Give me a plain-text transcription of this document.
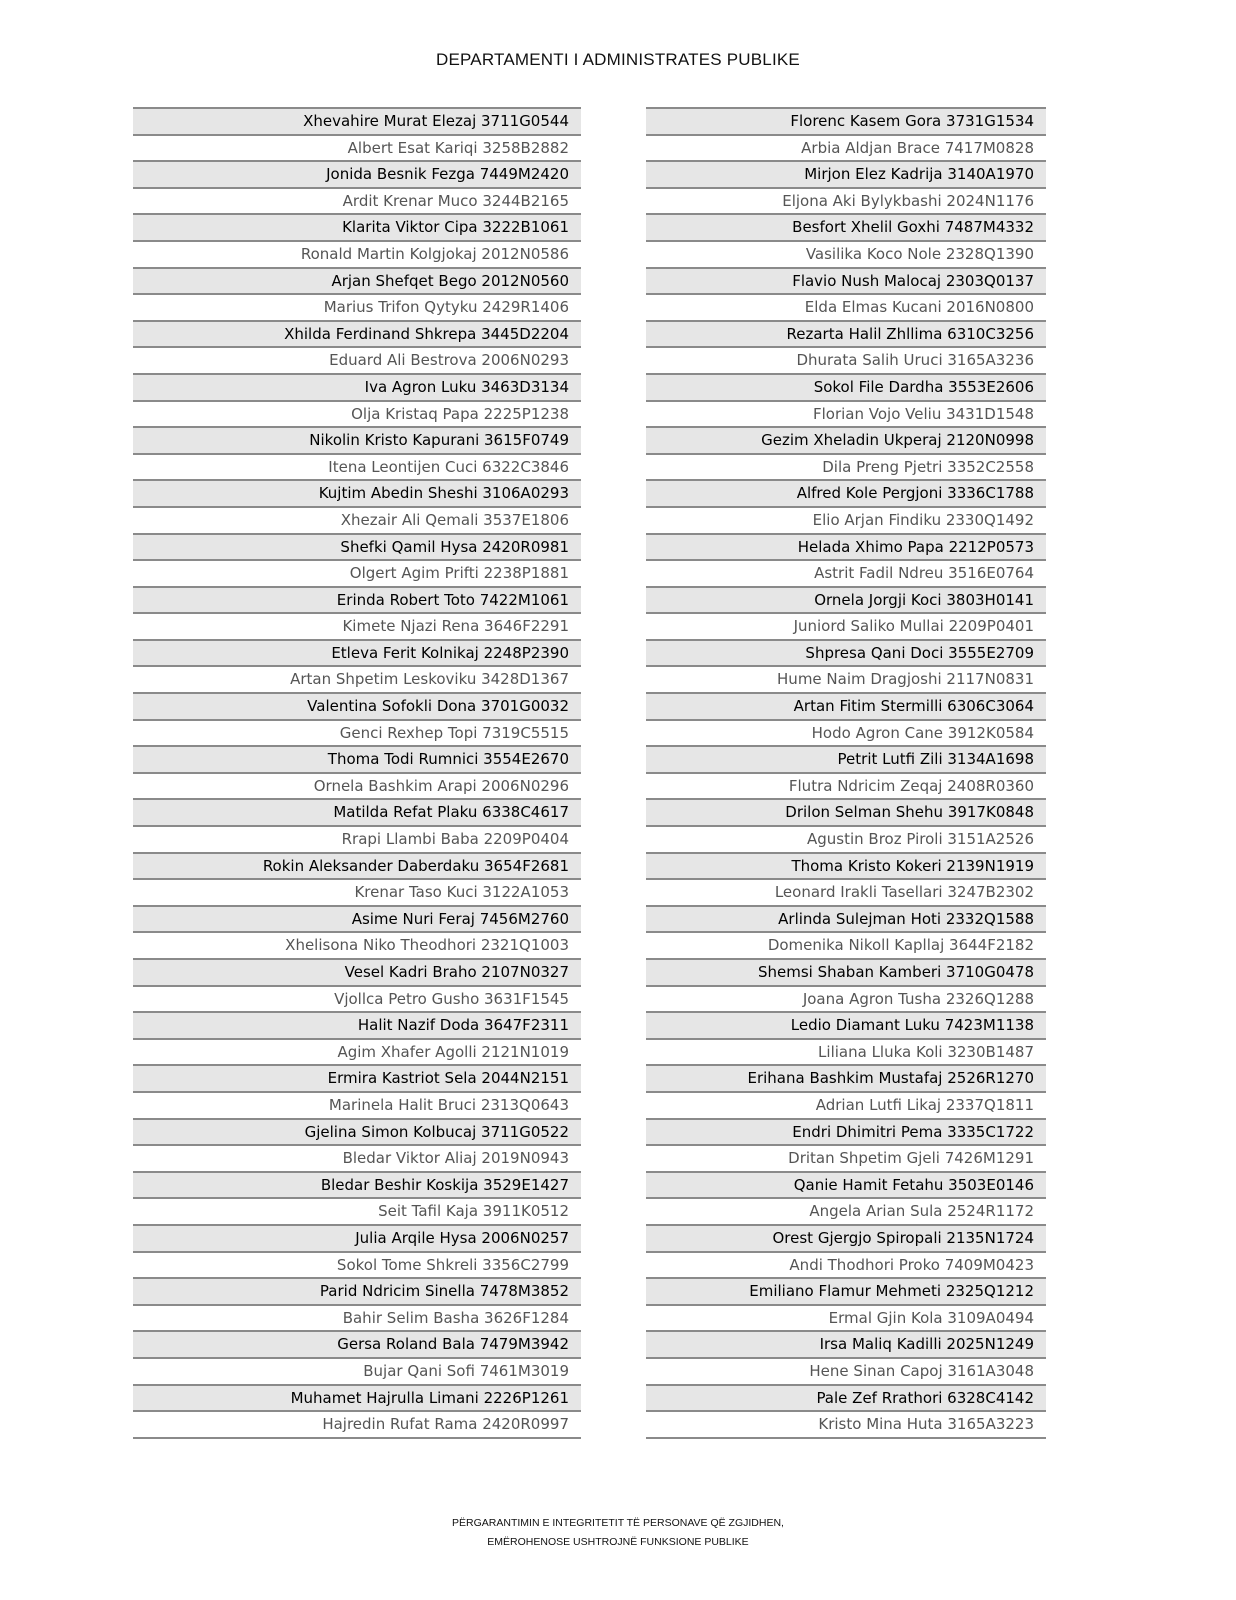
DEPARTAMENTI I ADMINISTRATES PUBLIKE
Xhevahire Murat Elezaj 3711G0544
Albert Esat Kariqi 3258B2882
Jonida Besnik Fezga 7449M2420
Ardit Krenar Muco 3244B2165
Klarita Viktor Cipa 3222B1061
Ronald Martin Kolgjokaj 2012N0586
Arjan Shefqet Bego 2012N0560
Marius Trifon Qytyku 2429R1406
Xhilda Ferdinand Shkrepa 3445D2204
Eduard Ali Bestrova 2006N0293
Iva Agron Luku 3463D3134
Olja Kristaq Papa 2225P1238
Nikolin Kristo Kapurani 3615F0749
Itena Leontijen Cuci 6322C3846
Kujtim Abedin Sheshi 3106A0293
Xhezair Ali Qemali 3537E1806
Shefki Qamil Hysa 2420R0981
Olgert Agim Prifti 2238P1881
Erinda Robert Toto 7422M1061
Kimete Njazi Rena 3646F2291
Etleva Ferit Kolnikaj 2248P2390
Artan Shpetim Leskoviku 3428D1367
Valentina Sofokli Dona 3701G0032
Genci Rexhep Topi 7319C5515
Thoma Todi Rumnici 3554E2670
Ornela Bashkim Arapi 2006N0296
Matilda Refat Plaku 6338C4617
Rrapi Llambi Baba 2209P0404
Rokin Aleksander Daberdaku 3654F2681
Krenar Taso Kuci 3122A1053
Asime Nuri Feraj 7456M2760
Xhelisona Niko Theodhori 2321Q1003
Vesel Kadri Braho 2107N0327
Vjollca Petro Gusho 3631F1545
Halit Nazif Doda 3647F2311
Agim Xhafer Agolli 2121N1019
Ermira Kastriot Sela 2044N2151
Marinela Halit Bruci 2313Q0643
Gjelina Simon Kolbucaj 3711G0522
Bledar Viktor Aliaj 2019N0943
Bledar Beshir Koskija 3529E1427
Seit Tafil Kaja 3911K0512
Julia Arqile Hysa 2006N0257
Sokol Tome Shkreli 3356C2799
Parid Ndricim Sinella 7478M3852
Bahir Selim Basha 3626F1284
Gersa Roland Bala 7479M3942
Bujar Qani Sofi 7461M3019
Muhamet Hajrulla Limani 2226P1261
Hajredin Rufat Rama 2420R0997
Florenc Kasem Gora 3731G1534
Arbia Aldjan Brace 7417M0828
Mirjon Elez Kadrija 3140A1970
Eljona Aki Bylykbashi 2024N1176
Besfort Xhelil Goxhi 7487M4332
Vasilika Koco Nole 2328Q1390
Flavio Nush Malocaj 2303Q0137
Elda Elmas Kucani 2016N0800
Rezarta Halil Zhllima 6310C3256
Dhurata Salih Uruci 3165A3236
Sokol File Dardha 3553E2606
Florian Vojo Veliu 3431D1548
Gezim Xheladin Ukperaj 2120N0998
Dila Preng Pjetri 3352C2558
Alfred Kole Pergjoni 3336C1788
Elio Arjan Findiku 2330Q1492
Helada Xhimo Papa 2212P0573
Astrit Fadil Ndreu 3516E0764
Ornela Jorgji Koci 3803H0141
Juniord Saliko Mullai 2209P0401
Shpresa Qani Doci 3555E2709
Hume Naim Dragjoshi 2117N0831
Artan Fitim Stermilli 6306C3064
Hodo Agron Cane 3912K0584
Petrit Lutfi Zili 3134A1698
Flutra Ndricim Zeqaj 2408R0360
Drilon Selman Shehu 3917K0848
Agustin Broz Piroli 3151A2526
Thoma Kristo Kokeri 2139N1919
Leonard Irakli Tasellari 3247B2302
Arlinda Sulejman Hoti 2332Q1588
Domenika Nikoll Kapllaj 3644F2182
Shemsi Shaban Kamberi 3710G0478
Joana Agron Tusha 2326Q1288
Ledio Diamant Luku 7423M1138
Liliana Lluka Koli 3230B1487
Erihana Bashkim Mustafaj 2526R1270
Adrian Lutfi Likaj 2337Q1811
Endri Dhimitri Pema 3335C1722
Dritan Shpetim Gjeli 7426M1291
Qanie Hamit Fetahu 3503E0146
Angela Arian Sula 2524R1172
Orest Gjergjo Spiropali 2135N1724
Andi Thodhori Proko 7409M0423
Emiliano Flamur Mehmeti 2325Q1212
Ermal Gjin Kola 3109A0494
Irsa Maliq Kadilli 2025N1249
Hene Sinan Capoj 3161A3048
Pale Zef Rrathori 6328C4142
Kristo Mina Huta 3165A3223
PËRGARANTIMIN E INTEGRITETIT TË PERSONAVE QË ZGJIDHEN,
EMËROHENOSE USHTROJNË FUNKSIONE PUBLIKE
